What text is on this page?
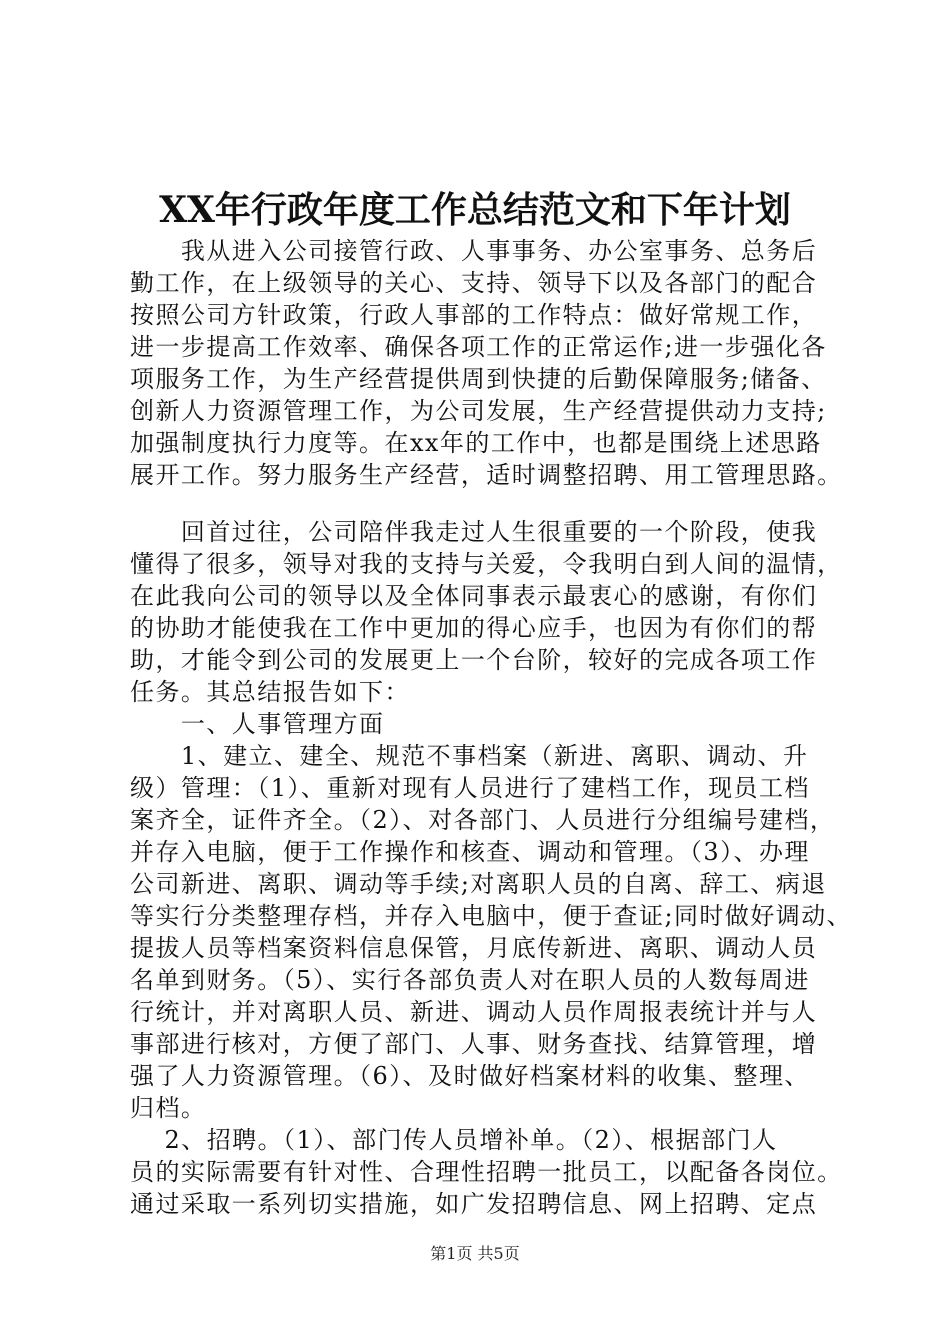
XX年行政年度工作总结范文和下年计划
　　我从进入公司接管行政、人事事务、办公室事务、总务后
勤工作，在上级领导的关心、支持、领导下以及各部门的配合
按照公司方针政策，行政人事部的工作特点：做好常规工作，
进一步提高工作效率、确保各项工作的正常运作;进一步强化各
项服务工作，为生产经营提供周到快捷的后勤保障服务;储备、
创新人力资源管理工作，为公司发展，生产经营提供动力支持;
加强制度执行力度等。在xx年的工作中，也都是围绕上述思路
展开工作。努力服务生产经营，适时调整招聘、用工管理思路。
　　回首过往，公司陪伴我走过人生很重要的一个阶段，使我
懂得了很多，领导对我的支持与关爱，令我明白到人间的温情，
在此我向公司的领导以及全体同事表示最衷心的感谢，有你们
的协助才能使我在工作中更加的得心应手，也因为有你们的帮
助，才能令到公司的发展更上一个台阶，较好的完成各项工作
任务。其总结报告如下：
　　一、人事管理方面
　　1、建立、建全、规范不事档案（新进、离职、调动、升
级）管理：（1）、重新对现有人员进行了建档工作，现员工档
案齐全，证件齐全。（2）、对各部门、人员进行分组编号建档，
并存入电脑，便于工作操作和核查、调动和管理。（3）、办理
公司新进、离职、调动等手续;对离职人员的自离、辞工、病退
等实行分类整理存档，并存入电脑中，便于查证;同时做好调动、
提拔人员等档案资料信息保管，月底传新进、离职、调动人员
名单到财务。（5）、实行各部负责人对在职人员的人数每周进
行统计，并对离职人员、新进、调动人员作周报表统计并与人
事部进行核对，方便了部门、人事、财务查找、结算管理，增
强了人力资源管理。（6）、及时做好档案材料的收集、整理、
归档。
　 2、招聘。（1）、部门传人员增补单。（2）、根据部门人
员的实际需要有针对性、合理性招聘一批员工，以配备各岗位。
通过采取一系列切实措施，如广发招聘信息、网上招聘、定点
第1页 共5页
